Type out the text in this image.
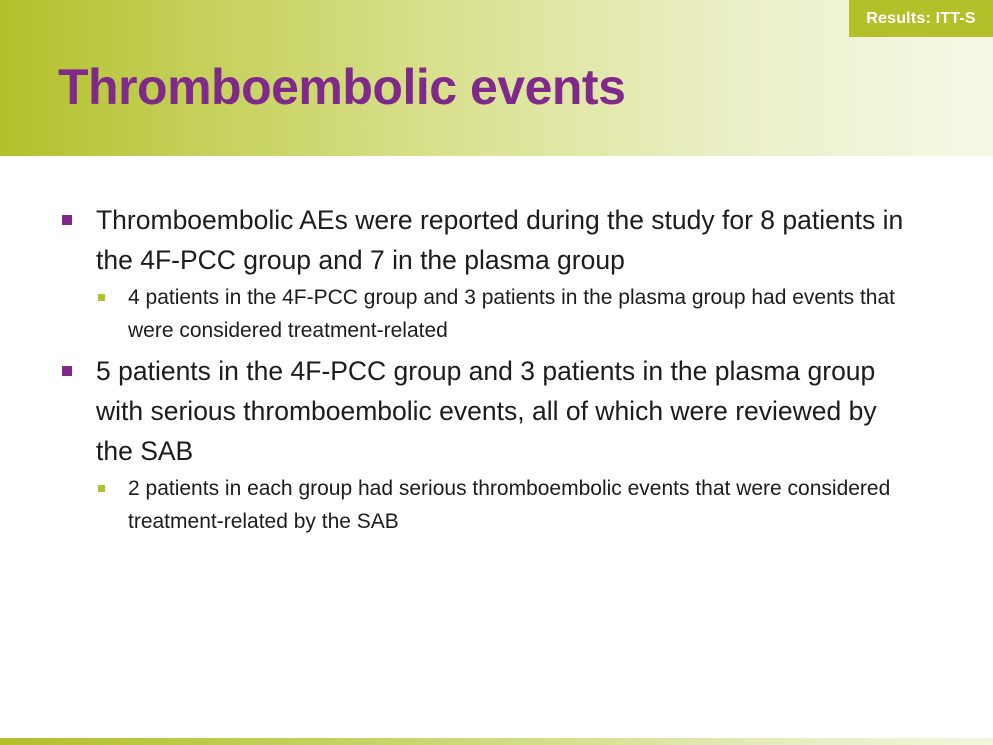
Results: ITT-S
Thromboembolic events

Thromboembolic AEs were reported during the study for 8 patients in the 4F-PCC group and 7 in the plasma group

4 patients in the 4F-PCC group and 3 patients in the plasma group had events that were considered treatment-related

5 patients in the 4F-PCC group and 3 patients in the plasma group with serious thromboembolic events, all of which were reviewed by the SAB

2 patients in each group had serious thromboembolic events that were considered treatment-related by the SAB
